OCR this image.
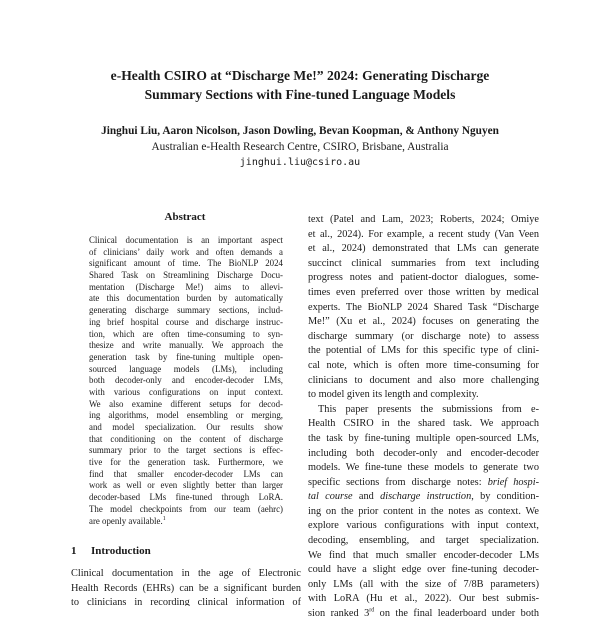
e-Health CSIRO at “Discharge Me!” 2024: Generating Discharge
Summary Sections with Fine-tuned Language Models
Jinghui Liu, Aaron Nicolson, Jason Dowling, Bevan Koopman, & Anthony Nguyen
Australian e-Health Research Centre, CSIRO, Brisbane, Australia
jinghui.liu@csiro.au
Abstract
Clinical documentation is an important aspect
of clinicians’ daily work and often demands a
significant amount of time. The BioNLP 2024
Shared Task on Streamlining Discharge Docu-
mentation (Discharge Me!) aims to allevi-
ate this documentation burden by automatically
generating discharge summary sections, includ-
ing brief hospital course and discharge instruc-
tion, which are often time-consuming to syn-
thesize and write manually. We approach the
generation task by fine-tuning multiple open-
sourced language models (LMs), including
both decoder-only and encoder-decoder LMs,
with various configurations on input context.
We also examine different setups for decod-
ing algorithms, model ensembling or merging,
and model specialization. Our results show
that conditioning on the content of discharge
summary prior to the target sections is effec-
tive for the generation task. Furthermore, we
find that smaller encoder-decoder LMs can
work as well or even slightly better than larger
decoder-based LMs fine-tuned through LoRA.
The model checkpoints from our team (aehrc)
are openly available.$^1$
1 Introduction
Clinical documentation in the age of Electronic
Health Records (EHRs) can be a significant burden
to clinicians in recording clinical information of
text (Patel and Lam, 2023; Roberts, 2024; Omiye
et al., 2024). For example, a recent study (Van Veen
et al., 2024) demonstrated that LMs can generate
succinct clinical summaries from text including
progress notes and patient-doctor dialogues, some-
times even preferred over those written by medical
experts. The BioNLP 2024 Shared Task “Discharge
Me!” (Xu et al., 2024) focuses on generating the
discharge summary (or discharge note) to assess
the potential of LMs for this specific type of clini-
cal note, which is often more time-consuming for
clinicians to document and also more challenging
to model given its length and complexity.
This paper presents the submissions from e-
Health CSIRO in the shared task. We approach
the task by fine-tuning multiple open-sourced LMs,
including both decoder-only and encoder-decoder
models. We fine-tune these models to generate two
specific sections from discharge notes: brief hospi-
tal course and discharge instruction, by condition-
ing on the prior content in the notes as context. We
explore various configurations with input context,
decoding, ensembling, and target specialization.
We find that much smaller encoder-decoder LMs
could have a slight edge over fine-tuning decoder-
only LMs (all with the size of 7/8B parameters)
with LoRA (Hu et al., 2022). Our best submis-
sion ranked 3rd on the final leaderboard under both
